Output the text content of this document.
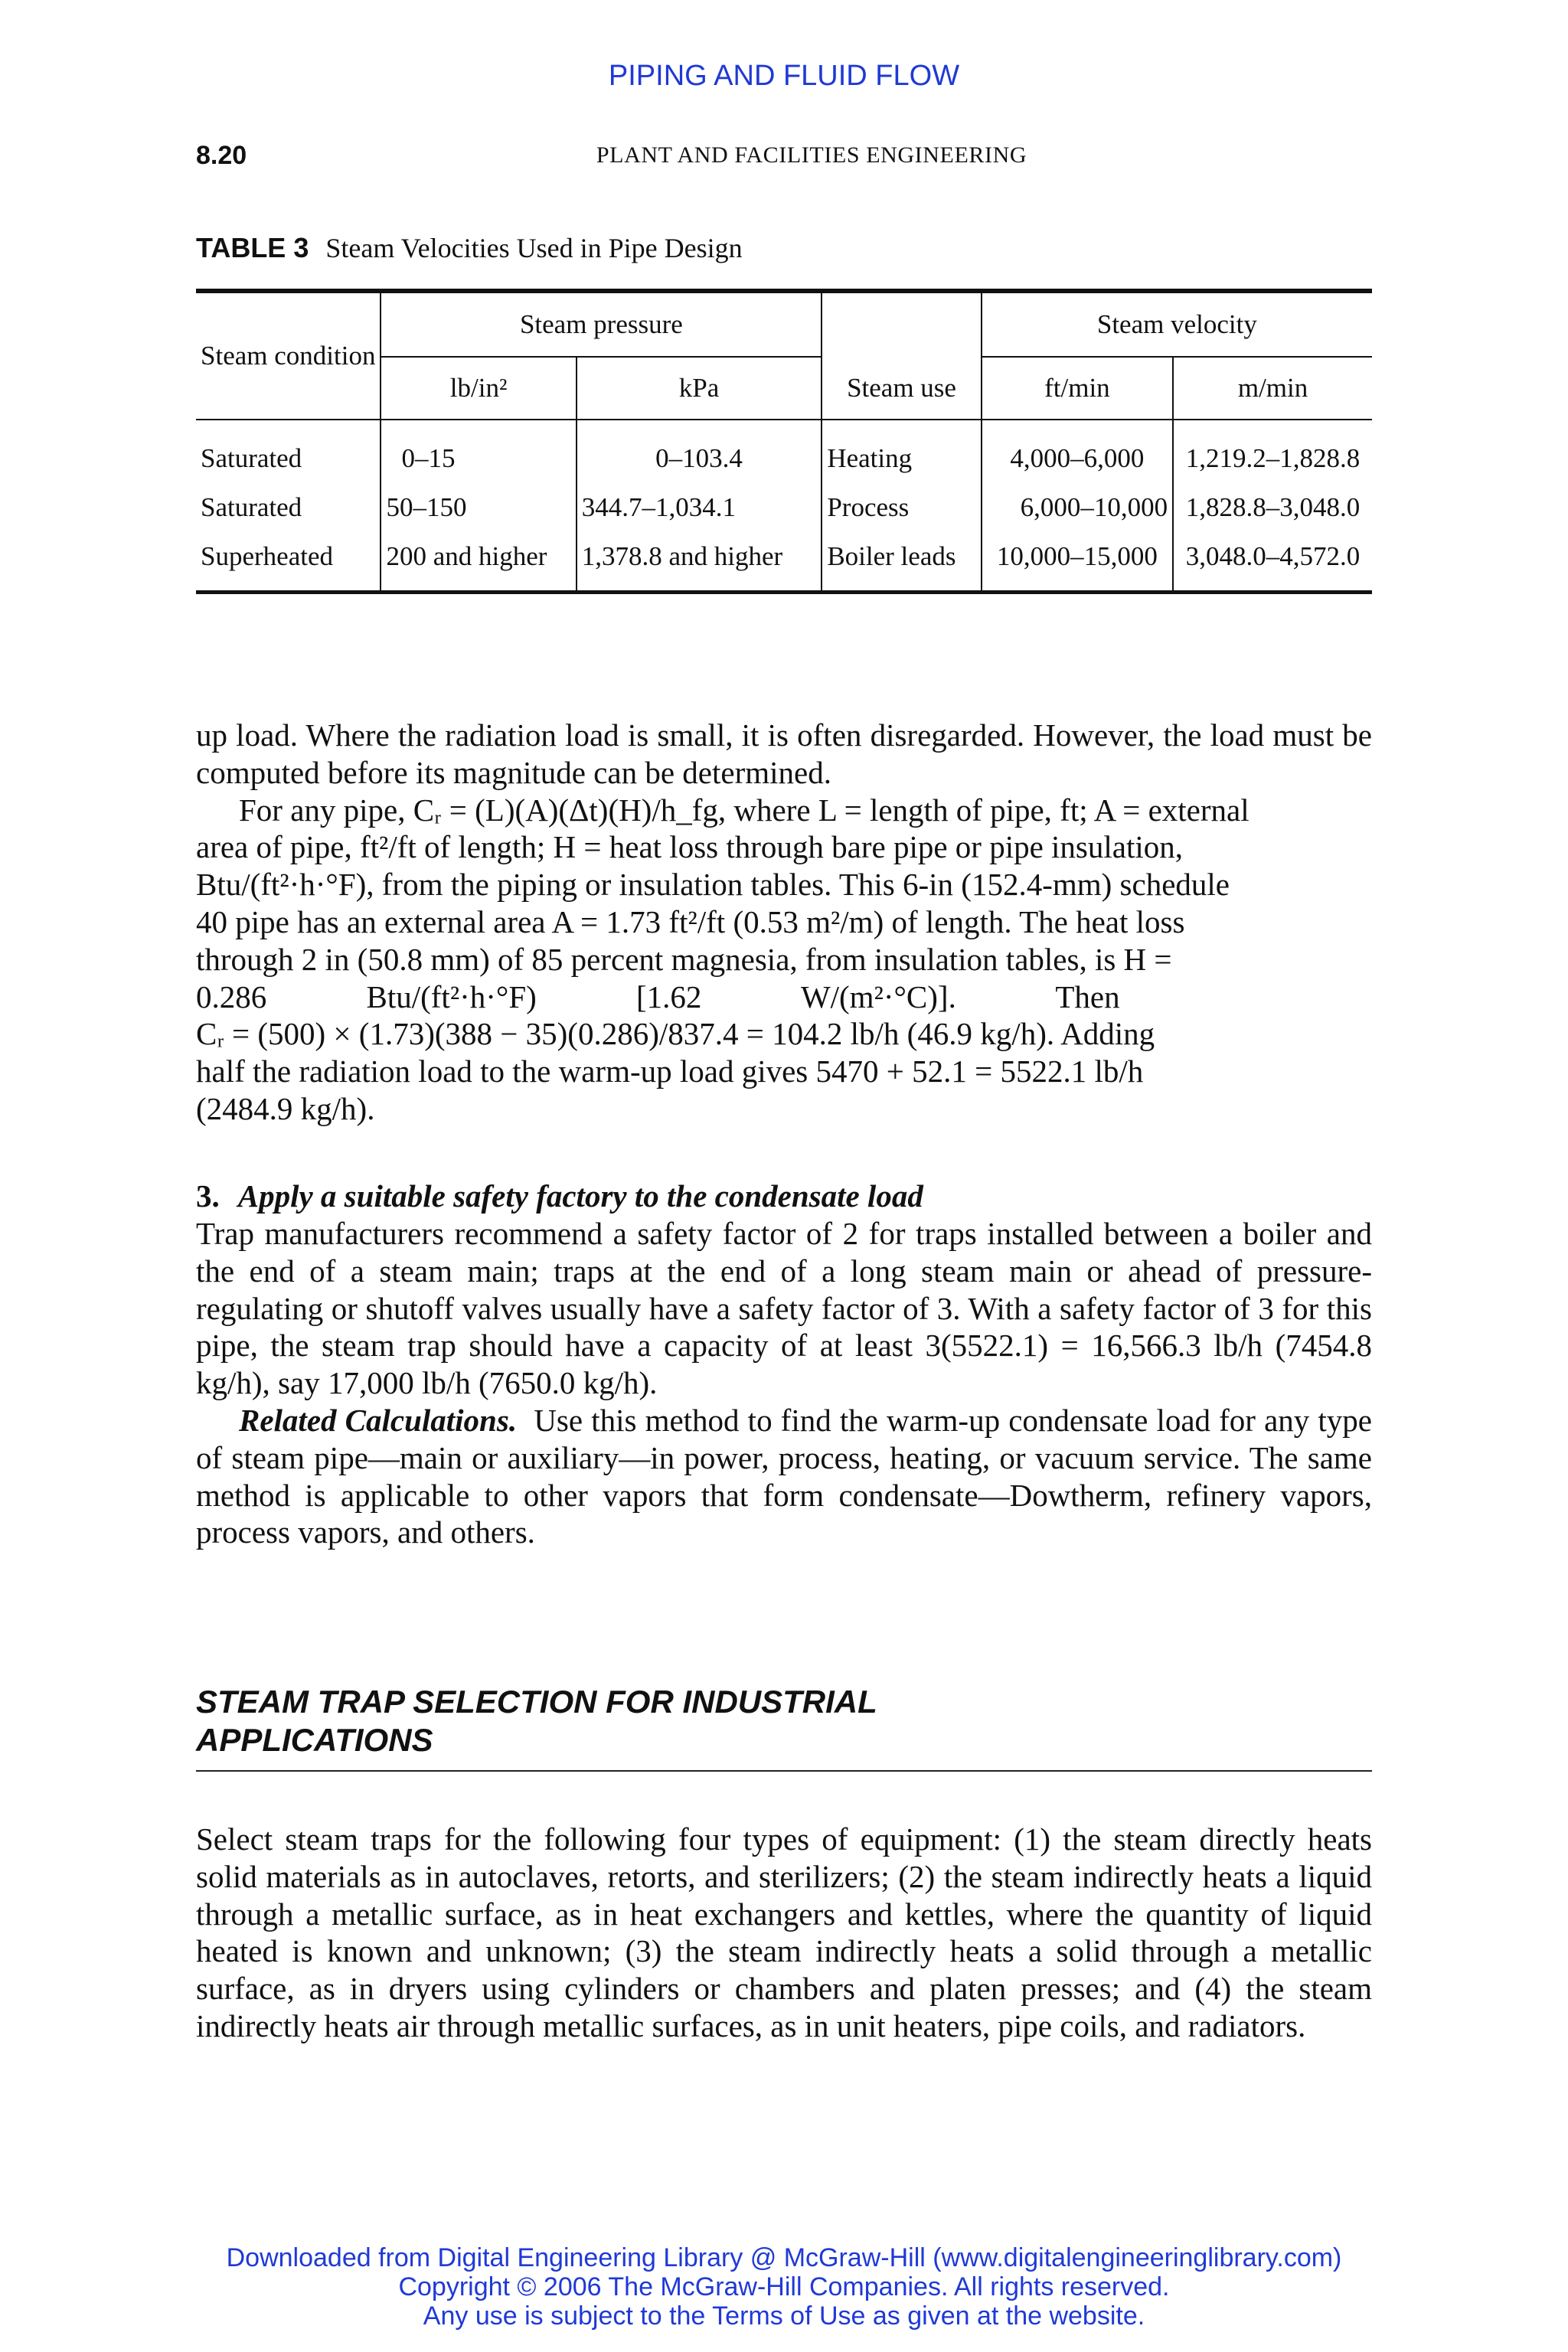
PIPING AND FLUID FLOW
8.20	PLANT AND FACILITIES ENGINEERING
TABLE 3 Steam Velocities Used in Pipe Design
Steam condition	Steam pressure		Steam use	Steam velocity	
	lb/in²	kPa		ft/min	m/min
Saturated	0–15	0–103.4	Heating	4,000–6,000	1,219.2–1,828.8
Saturated	50–150	344.7–1,034.1	Process	6,000–10,000	1,828.8–3,048.0
Superheated	200 and higher	1,378.8 and higher	Boiler leads	10,000–15,000	3,048.0–4,572.0

up load. Where the radiation load is small, it is often disregarded. However, the load must be computed before its magnitude can be determined.

For any pipe, Cᵣ = (L)(A)(Δt)(H)/h_fg, where L = length of pipe, ft; A = external
area of pipe, ft²/ft of length; H = heat loss through bare pipe or pipe insulation,
Btu/(ft²·h·°F), from the piping or insulation tables. This 6-in (152.4-mm) schedule
40 pipe has an external area A = 1.73 ft²/ft (0.53 m²/m) of length. The heat loss
through 2 in (50.8 mm) of 85 percent magnesia, from insulation tables, is H =
0.286 Btu/(ft²·h·°F) [1.62 W/(m²·°C)]. Then
Cᵣ = (500) × (1.73)(388 − 35)(0.286)/837.4 = 104.2 lb/h (46.9 kg/h). Adding
half the radiation load to the warm-up load gives 5470 + 52.1 = 5522.1 lb/h
(2484.9 kg/h).
3. Apply a suitable safety factory to the condensate load

Trap manufacturers recommend a safety factor of 2 for traps installed between a boiler and the end of a steam main; traps at the end of a long steam main or ahead of pressure-regulating or shutoff valves usually have a safety factor of 3. With a safety factor of 3 for this pipe, the steam trap should have a capacity of at least 3(5522.1) = 16,566.3 lb/h (7454.8 kg/h), say 17,000 lb/h (7650.0 kg/h).

Related Calculations. Use this method to find the warm-up condensate load for any type of steam pipe—main or auxiliary—in power, process, heating, or vacuum service. The same method is applicable to other vapors that form condensate—Dowtherm, refinery vapors, process vapors, and others.

STEAM TRAP SELECTION FOR INDUSTRIAL
APPLICATIONS

Select steam traps for the following four types of equipment: (1) the steam directly heats solid materials as in autoclaves, retorts, and sterilizers; (2) the steam indirectly heats a liquid through a metallic surface, as in heat exchangers and kettles, where the quantity of liquid heated is known and unknown; (3) the steam indirectly heats a solid through a metallic surface, as in dryers using cylinders or chambers and platen presses; and (4) the steam indirectly heats air through metallic surfaces, as in unit heaters, pipe coils, and radiators.

Downloaded from Digital Engineering Library @ McGraw-Hill (www.digitalengineeringlibrary.com)
Copyright © 2006 The McGraw-Hill Companies. All rights reserved.
Any use is subject to the Terms of Use as given at the website.
